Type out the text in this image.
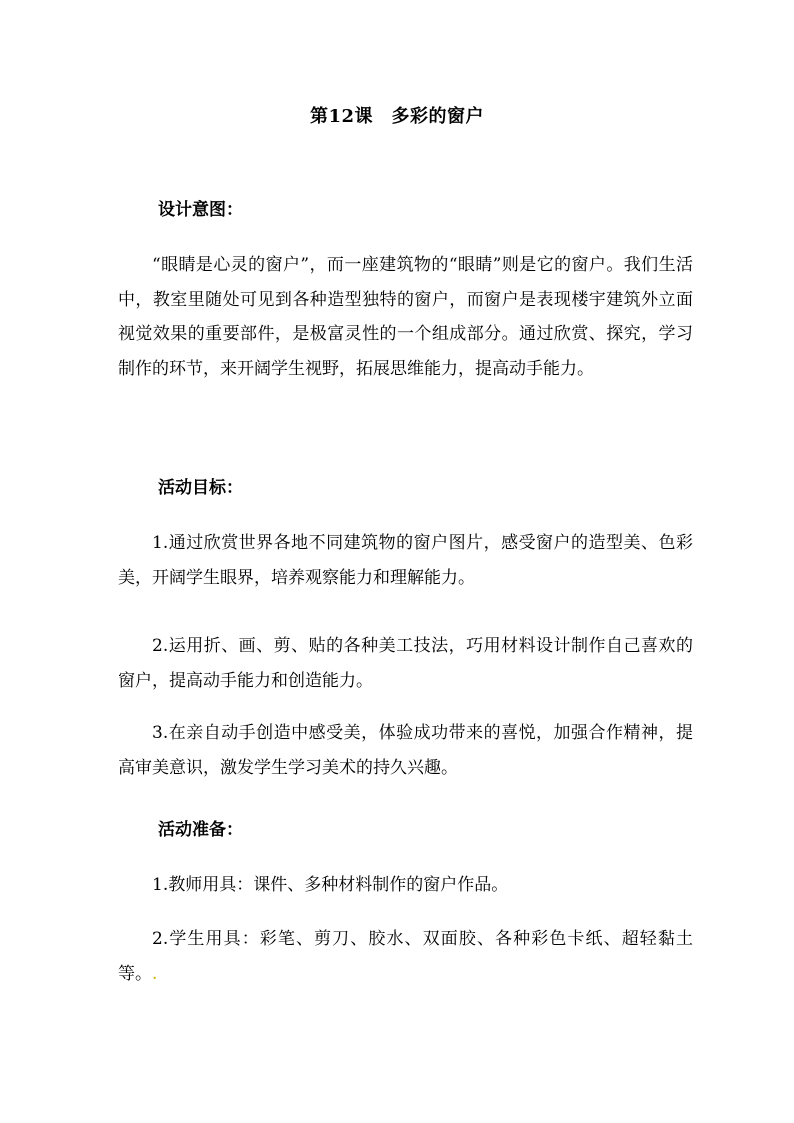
第12课　多彩的窗户
设计意图：

“眼睛是心灵的窗户”，而一座建筑物的“眼睛”则是它的窗户。我们生活中，教室里随处可见到各种造型独特的窗户，而窗户是表现楼宇建筑外立面视觉效果的重要部件，是极富灵性的一个组成部分。通过欣赏、探究，学习制作的环节，来开阔学生视野，拓展思维能力，提高动手能力。

活动目标：

1.通过欣赏世界各地不同建筑物的窗户图片，感受窗户的造型美、色彩美，开阔学生眼界，培养观察能力和理解能力。

2.运用折、画、剪、贴的各种美工技法，巧用材料设计制作自己喜欢的窗户，提高动手能力和创造能力。

3.在亲自动手创造中感受美，体验成功带来的喜悦，加强合作精神，提高审美意识，激发学生学习美术的持久兴趣。

活动准备：

1.教师用具：课件、多种材料制作的窗户作品。

2.学生用具：彩笔、剪刀、胶水、双面胶、各种彩色卡纸、超轻黏土等。.
